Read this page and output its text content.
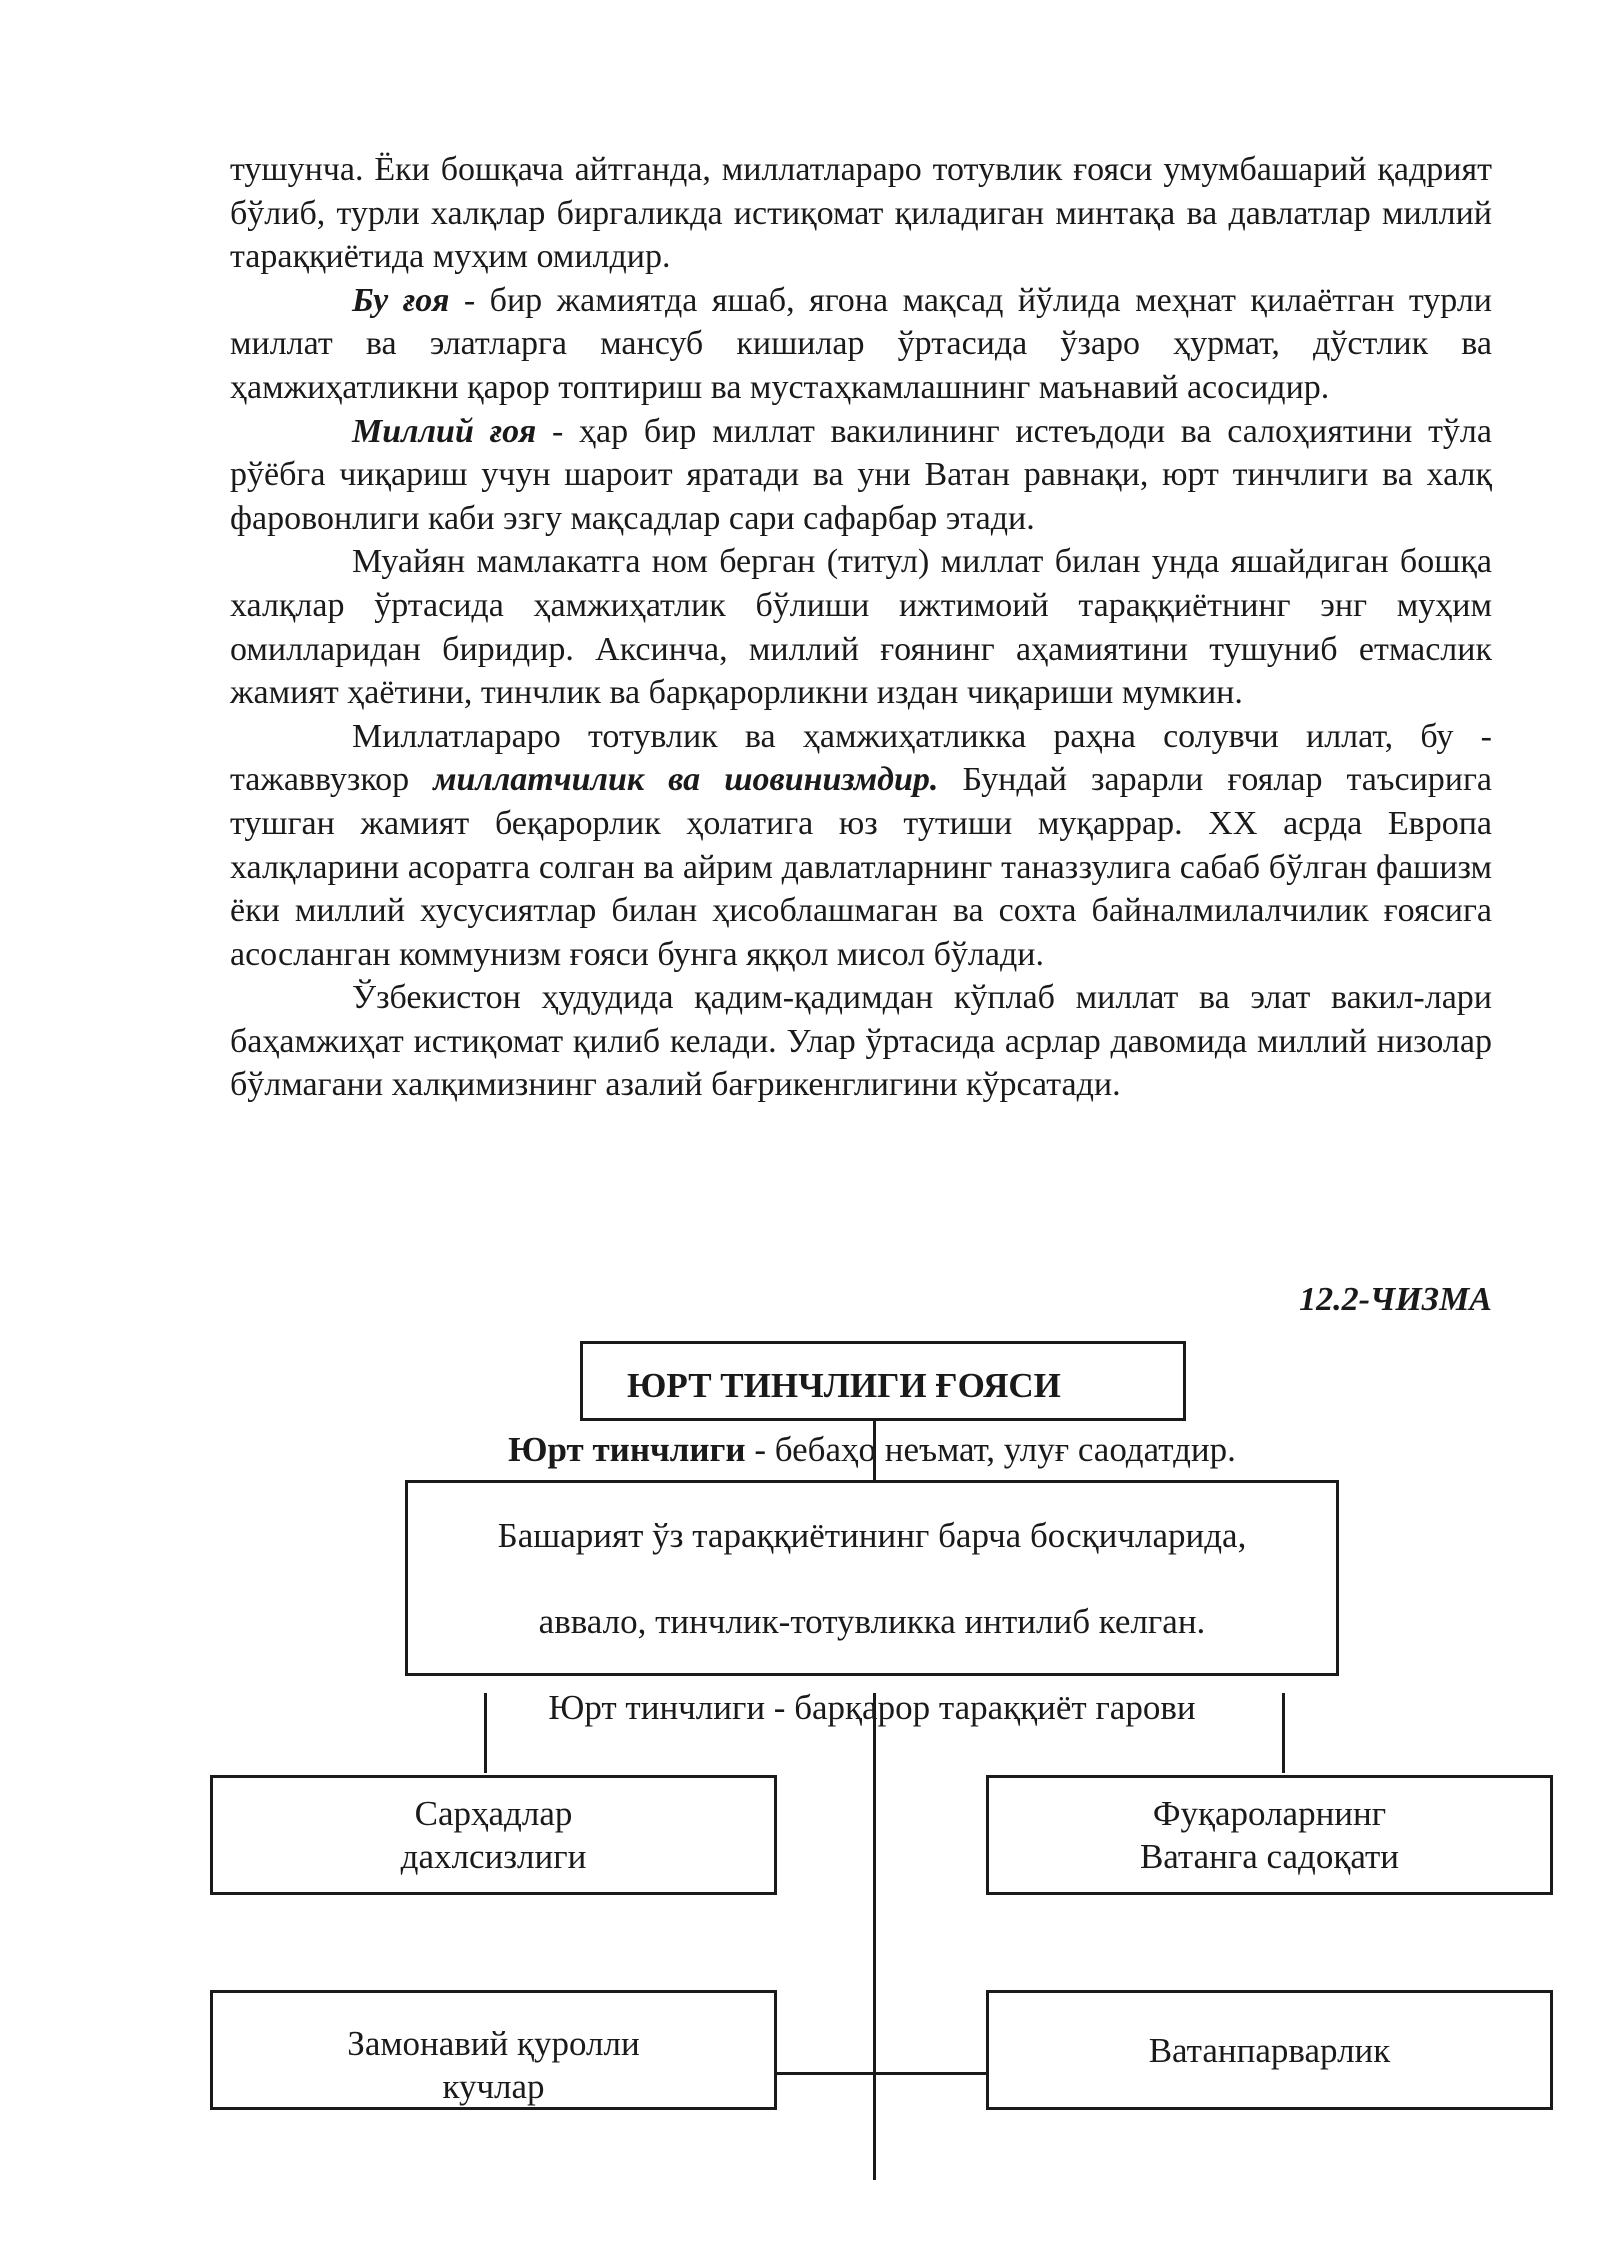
тушунча. Ёки бошқача айтганда, миллатлараро тотувлик ғояси умумбашарий қадрият бўлиб, турли халқлар биргаликда истиқомат қиладиган минтақа ва давлатлар миллий тараққиётида муҳим омилдир.

Бу ғоя - бир жамиятда яшаб, ягона мақсад йўлида меҳнат қилаётган турли миллат ва элатларга мансуб кишилар ўртасида ўзаро ҳурмат, дўстлик ва ҳамжиҳатликни қарор топтириш ва мустаҳкамлашнинг маънавий асосидир.

Миллий ғоя - ҳар бир миллат вакилининг истеъдоди ва салоҳиятини тўла рўёбга чиқариш учун шароит яратади ва уни Ватан равнақи, юрт тинчлиги ва халқ фаровонлиги каби эзгу мақсадлар сари сафарбар этади.

Муайян мамлакатга ном берган (титул) миллат билан унда яшайдиган бошқа халқлар ўртасида ҳамжиҳатлик бўлиши ижтимоий тараққиётнинг энг муҳим омилларидан биридир. Аксинча, миллий ғоянинг аҳамиятини тушуниб етмаслик жамият ҳаётини, тинчлик ва барқарорликни издан чиқариши мумкин.

Миллатлараро тотувлик ва ҳамжиҳатликка раҳна солувчи иллат, бу - тажаввузкор миллатчилик ва шовинизмдир. Бундай зарарли ғоялар таъсирига тушган жамият беқарорлик ҳолатига юз тутиши муқаррар. XX асрда Европа халқларини асоратга солган ва айрим давлатларнинг таназзулига сабаб бўлган фашизм ёки миллий хусусиятлар билан ҳисоблашмаган ва сохта байналмилалчилик ғоясига асосланган коммунизм ғояси бунга яққол мисол бўлади.

Ўзбекистон ҳудудида қадим-қадимдан кўплаб миллат ва элат вакил-лари баҳамжиҳат истиқомат қилиб келади. Улар ўртасида асрлар давомида миллий низолар бўлмагани халқимизнинг азалий бағрикенглигини кўрсатади.

12.2-ЧИЗМА
ЮРТ ТИНЧЛИГИ ҒОЯСИ

Юрт тинчлиги - бебаҳо неъмат, улуғ саодатдир.

Башарият ўз тараққиётининг барча босқичларида,

аввало, тинчлик-тотувликка интилиб келган.

Юрт тинчлиги - барқарор тараққиёт гарови

Сарҳадлар
дахлсизлиги
Фуқароларнинг
Ватанга садоқати
Замонавий қуролли
кучлар
Ватанпарварлик
